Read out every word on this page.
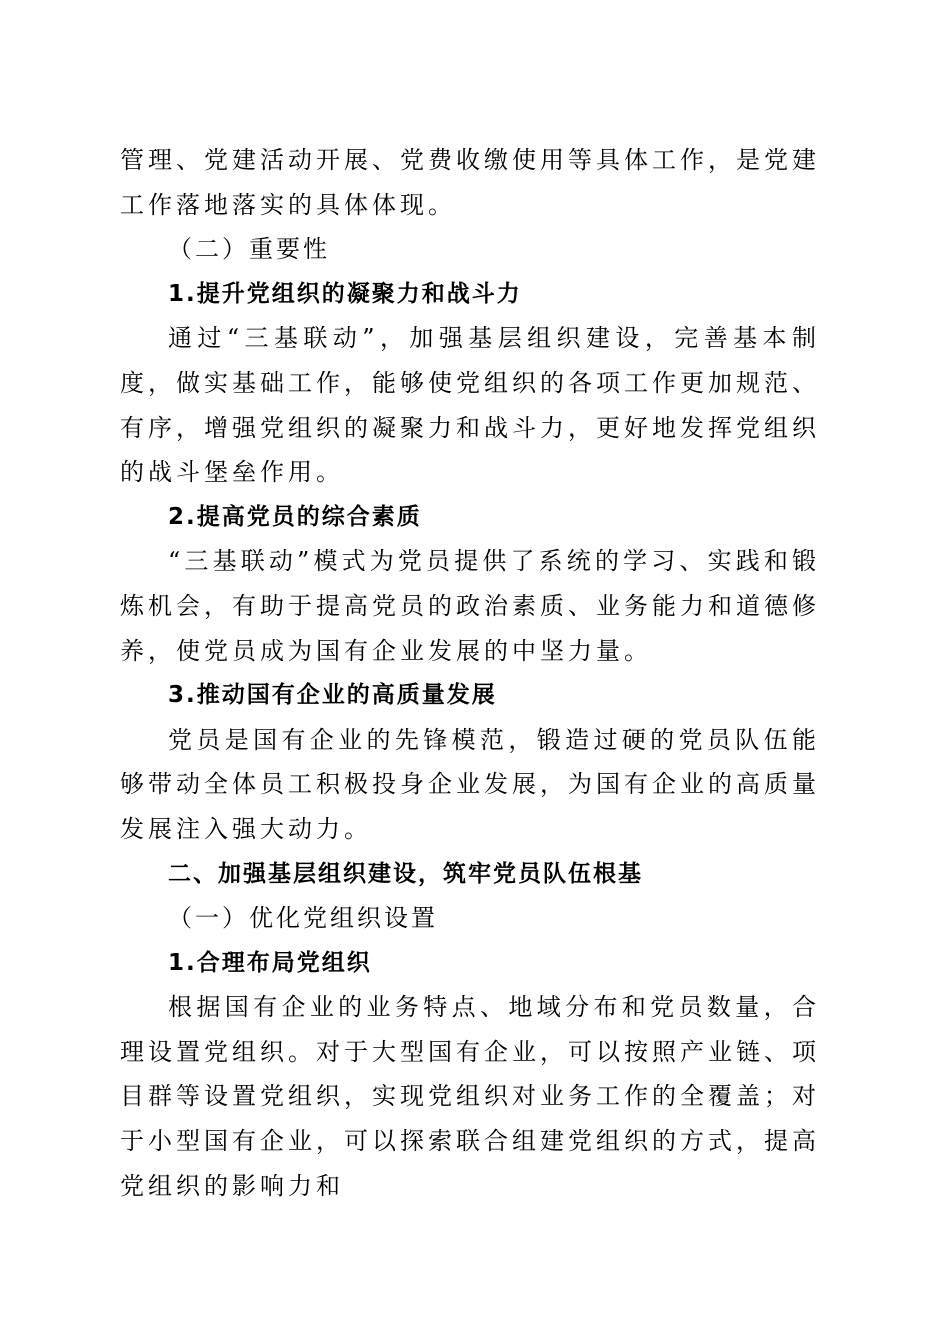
管理、党建活动开展、党费收缴使用等具体工作，是党建工作落地落实的具体体现。

（二）重要性

1.提升党组织的凝聚力和战斗力

通过“三基联动”，加强基层组织建设，完善基本制度，做实基础工作，能够使党组织的各项工作更加规范、有序，增强党组织的凝聚力和战斗力，更好地发挥党组织的战斗堡垒作用。

2.提高党员的综合素质

“三基联动”模式为党员提供了系统的学习、实践和锻炼机会，有助于提高党员的政治素质、业务能力和道德修养，使党员成为国有企业发展的中坚力量。

3.推动国有企业的高质量发展

党员是国有企业的先锋模范，锻造过硬的党员队伍能够带动全体员工积极投身企业发展，为国有企业的高质量发展注入强大动力。

二、加强基层组织建设，筑牢党员队伍根基

（一）优化党组织设置

1.合理布局党组织

根据国有企业的业务特点、地域分布和党员数量，合理设置党组织。对于大型国有企业，可以按照产业链、项目群等设置党组织，实现党组织对业务工作的全覆盖；对于小型国有企业，可以探索联合组建党组织的方式，提高党组织的影响力和
